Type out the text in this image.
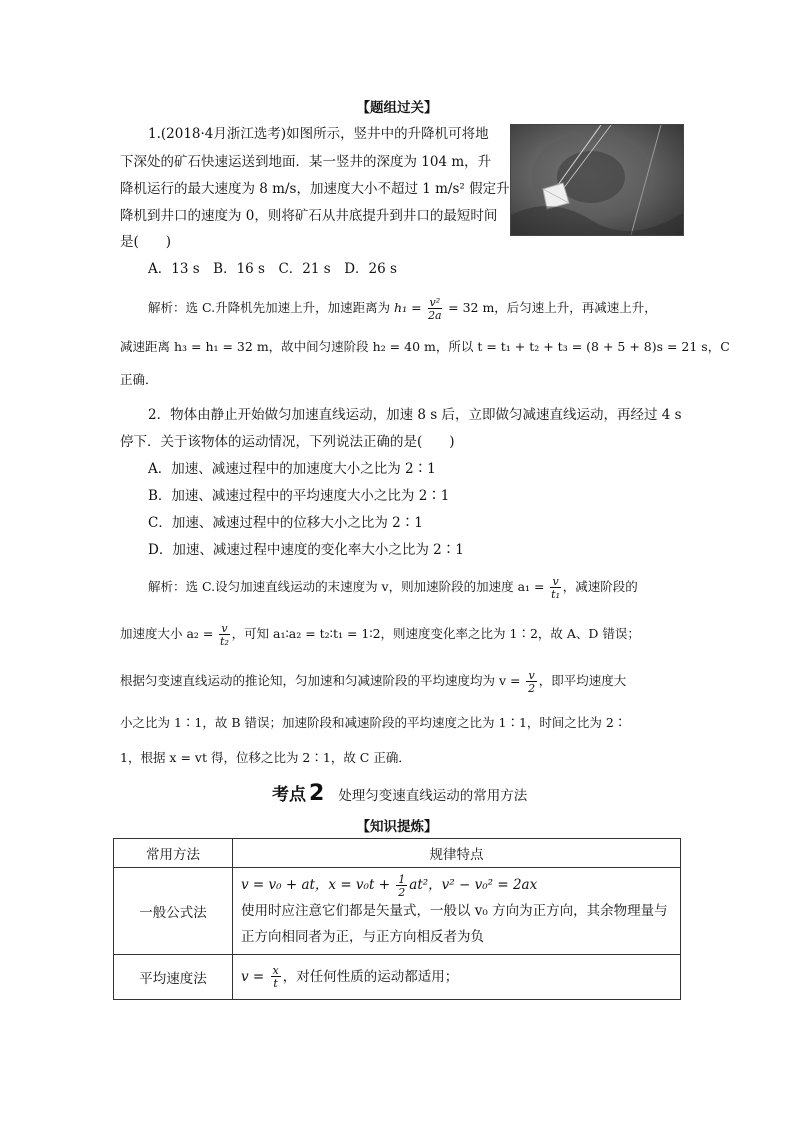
【题组过关】
1.(2018·4月浙江选考)如图所示，竖井中的升降机可将地
下深处的矿石快速运送到地面．某一竖井的深度为 104 m，升
降机运行的最大速度为 8 m/s，加速度大小不超过 1 m/s² 假定升
降机到井口的速度为 0，则将矿石从井底提升到井口的最短时间
是(　　)
A．13 s　B．16 s　C．21 s　D．26 s
解析：选 C.升降机先加速上升，加速距离为 $h_1 = \frac{\text{v²}}{2a} = 32$ m，后匀速上升，再减速上升，
减速距离 h₃ = h₁ = 32 m，故中间匀速阶段 h₂ = 40 m，所以 t = t₁ + t₂ + t₃ = (8 + 5 + 8)s = 21 s，C
正确．
2．物体由静止开始做匀加速直线运动，加速 8 s 后，立即做匀减速直线运动，再经过 4 s
停下．关于该物体的运动情况，下列说法正确的是(　　)
A．加速、减速过程中的加速度大小之比为 2∶1
B．加速、减速过程中的平均速度大小之比为 2∶1
C．加速、减速过程中的位移大小之比为 2∶1
D．加速、减速过程中速度的变化率大小之比为 2∶1
解析：选 C.设匀加速直线运动的末速度为 v，则加速阶段的加速度 $a_1 = \frac{v}{\text{t₁}}$ ，减速阶段的
加速度大小 $a_2 = \frac{v}{\text{t₂}}$ ，可知 a₁∶a₂ = t₂∶t₁ = 1∶2，则速度变化率之比为 1∶2，故 A、D 错误；
根据匀变速直线运动的推论知，匀加速和匀减速阶段的平均速度均为 $v = \frac{v}{2}$ ，即平均速度大
小之比为 1∶1，故 B 错误；加速阶段和减速阶段的平均速度之比为 1∶1，时间之比为 2∶
1，根据 x = vt 得，位移之比为 2∶1，故 C 正确．
考点 2 处理匀变速直线运动的常用方法
【知识提炼】
常用方法	规律特点
一般公式法	v = v₀ + at，$x = v_0t + \frac{1}{2} at^2$，v² − v₀² = 2ax
使用时应注意它们都是矢量式，一般以 v₀ 方向为正方向，其余物理量与正方向相同者为正，与正方向相反者为负

平均速度法	$v = \frac{x}{t}$ ，对任何性质的运动都适用；
